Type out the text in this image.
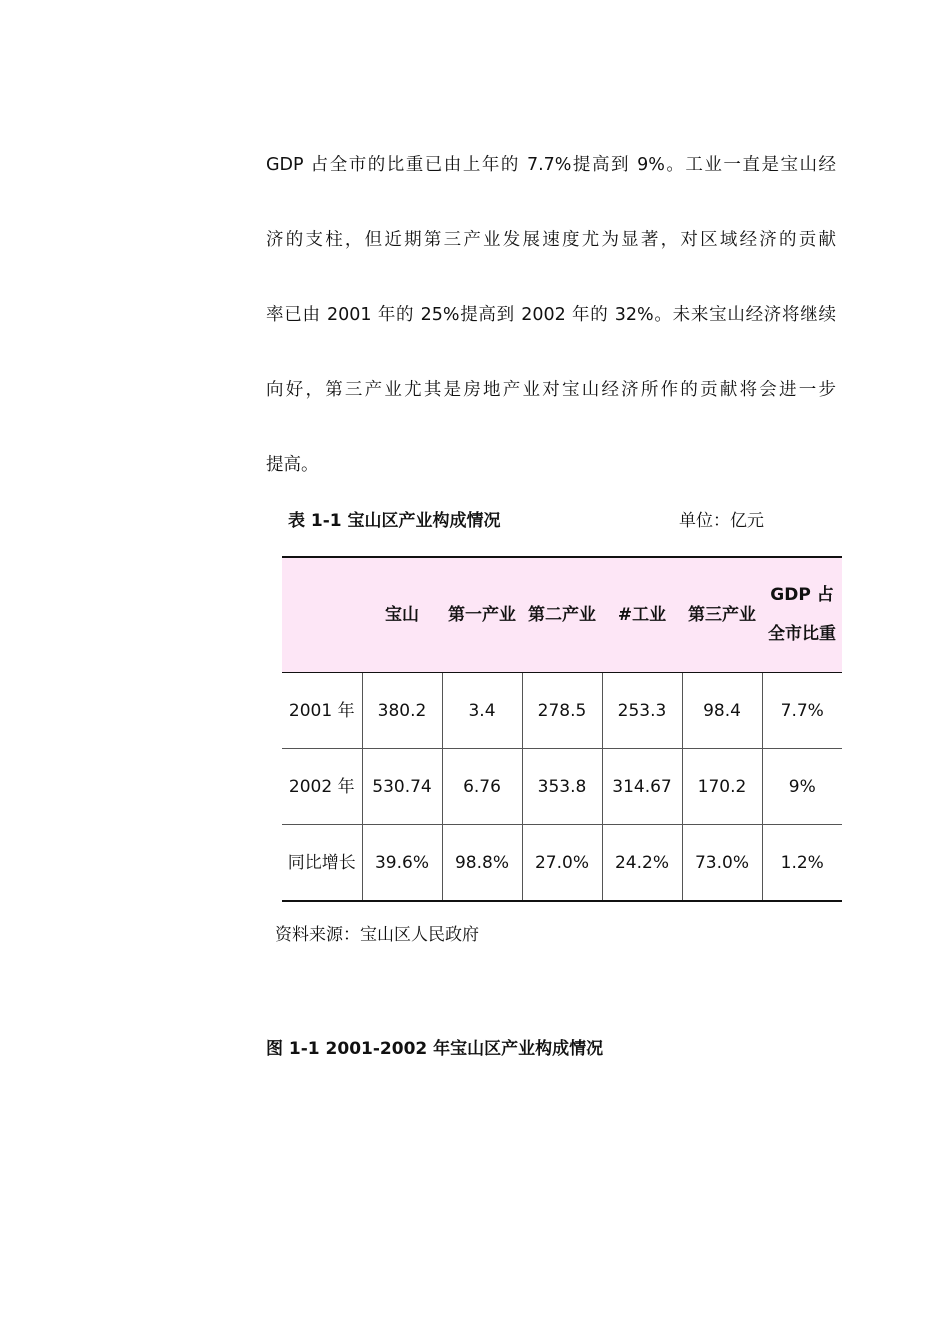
GDP 占全市的比重已由上年的 7.7%提高到 9%。工业一直是宝山经
济的支柱，但近期第三产业发展速度尤为显著，对区域经济的贡献
率已由 2001 年的 25%提高到 2002 年的 32%。未来宝山经济将继续
向好，第三产业尤其是房地产业对宝山经济所作的贡献将会进一步
提高。

表 1-1 宝山区产业构成情况	单位：亿元
	宝山	第一产业	第二产业	#工业	第三产业	GDP 占全市比重
2001 年	380.2	3.4	278.5	253.3	98.4	7.7%
2002 年	530.74	6.76	353.8	314.67	170.2	9%
同比增长	39.6%	98.8%	27.0%	24.2%	73.0%	1.2%
资料来源：宝山区人民政府
图 1-1 2001-2002 年宝山区产业构成情况
